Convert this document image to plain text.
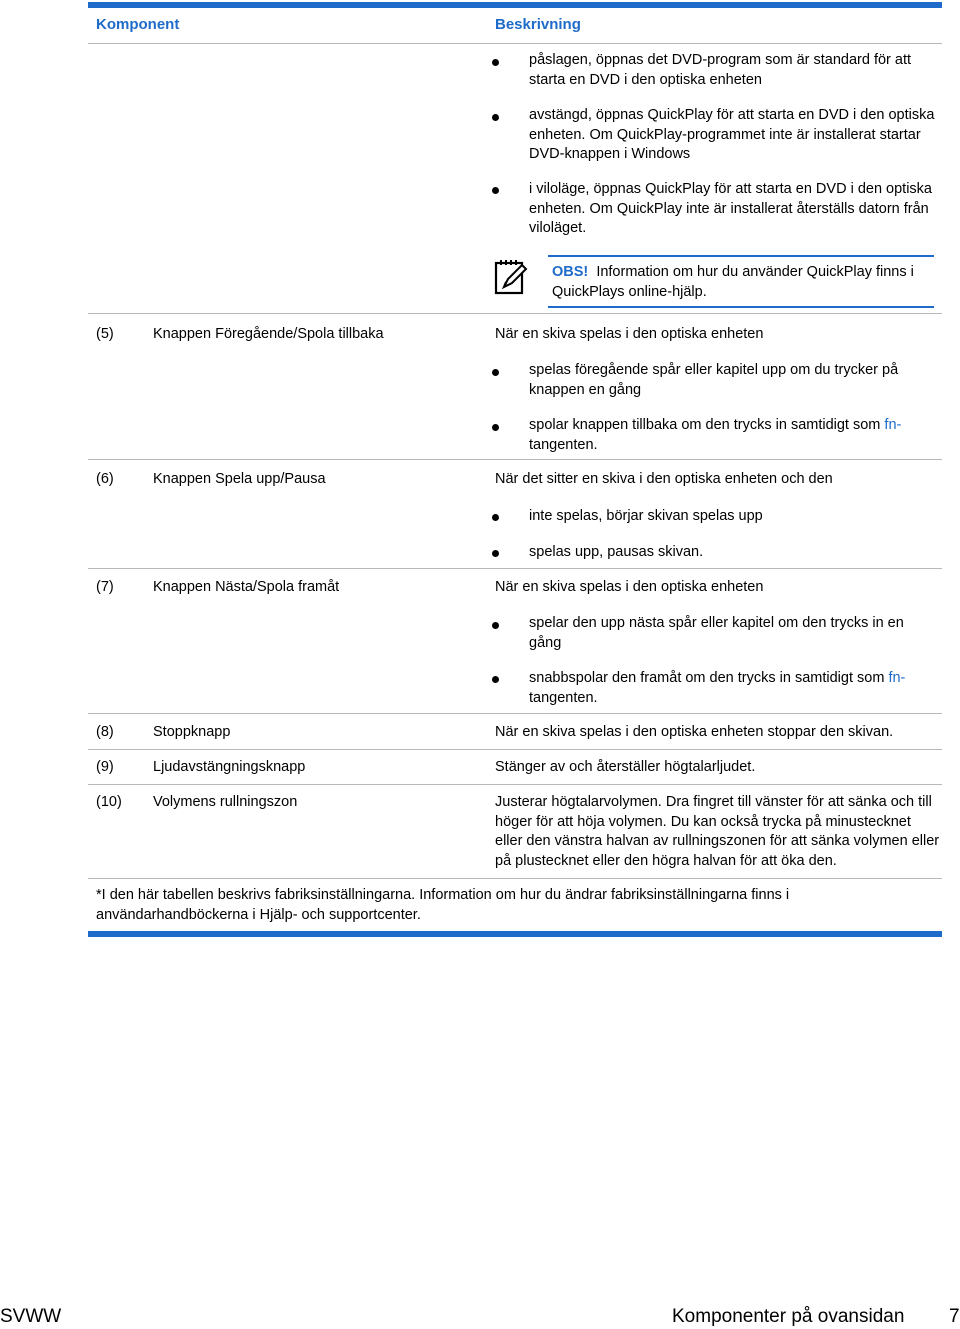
Komponent	Beskrivning
påslagen, öppnas det DVD-program som är standard för att starta en DVD i den optiska enheten
avstängd, öppnas QuickPlay för att starta en DVD i den optiska enheten. Om QuickPlay-programmet inte är installerat startar DVD-knappen i Windows
i viloläge, öppnas QuickPlay för att starta en DVD i den optiska enheten. Om QuickPlay inte är installerat återställs datorn från viloläget.
OBS! Information om hur du använder QuickPlay finns i QuickPlays online-hjälp.
(5)	Knappen Föregående/Spola tillbaka	När en skiva spelas i den optiska enheten
spelas föregående spår eller kapitel upp om du trycker på knappen en gång
spolar knappen tillbaka om den trycks in samtidigt som fn-
tangenten.
(6)	Knappen Spela upp/Pausa	När det sitter en skiva i den optiska enheten och den
inte spelas, börjar skivan spelas upp
spelas upp, pausas skivan.
(7)	Knappen Nästa/Spola framåt	När en skiva spelas i den optiska enheten
spelar den upp nästa spår eller kapitel om den trycks in en gång
snabbspolar den framåt om den trycks in samtidigt som fn-
tangenten.
(8)	Stoppknapp	När en skiva spelas i den optiska enheten stoppar den skivan.
(9)	Ljudavstängningsknapp	Stänger av och återställer högtalarljudet.
(10) Volymens rullningszon	Justerar högtalarvolymen. Dra fingret till vänster för att sänka och till höger för att höja volymen. Du kan också trycka på minustecknet eller den vänstra halvan av rullningszonen för att sänka volymen eller på plustecknet eller den högra halvan för att öka den.
*I den här tabellen beskrivs fabriksinställningarna. Information om hur du ändrar fabriksinställningarna finns i användarhandböckerna i Hjälp- och supportcenter.
SVWW	Komponenter på ovansidan 7
